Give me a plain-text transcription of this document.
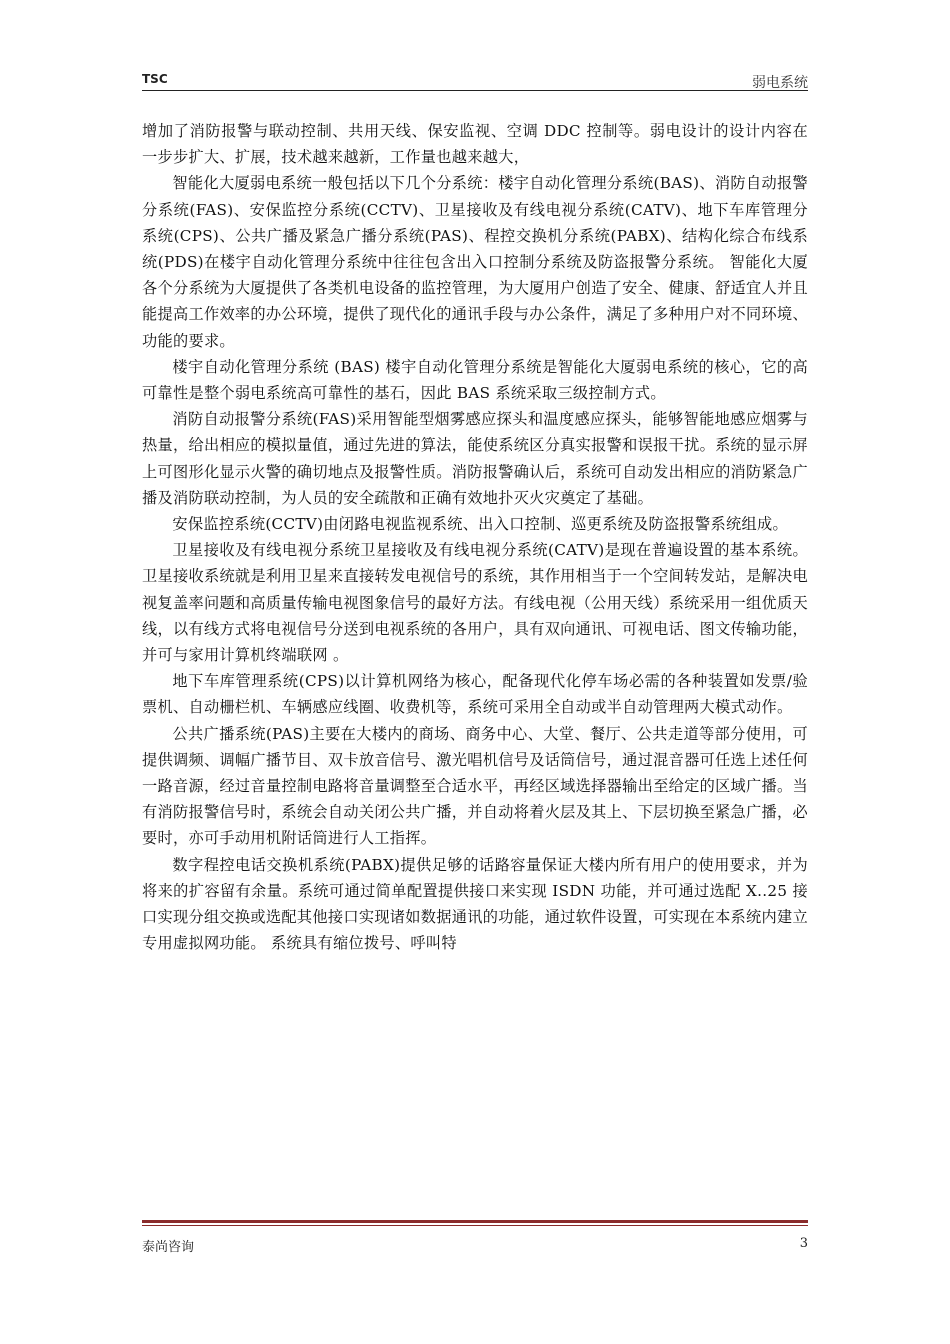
TSC	弱电系统

增加了消防报警与联动控制、共用天线、保安监视、空调 DDC 控制等。弱电设计的设计内容在一步步扩大、扩展，技术越来越新，工作量也越来越大，

智能化大厦弱电系统一般包括以下几个分系统：楼宇自动化管理分系统(BAS)、消防自动报警分系统(FAS)、安保监控分系统(CCTV)、卫星接收及有线电视分系统(CATV)、地下车库管理分系统(CPS)、公共广播及紧急广播分系统(PAS)、程控交换机分系统(PABX)、结构化综合布线系统(PDS)在楼宇自动化管理分系统中往往包含出入口控制分系统及防盗报警分系统。 智能化大厦各个分系统为大厦提供了各类机电设备的监控管理，为大厦用户创造了安全、健康、舒适宜人并且能提高工作效率的办公环境，提供了现代化的通讯手段与办公条件，满足了多种用户对不同环境、功能的要求。

楼宇自动化管理分系统 (BAS) 楼宇自动化管理分系统是智能化大厦弱电系统的核心，它的高可靠性是整个弱电系统高可靠性的基石，因此 BAS 系统采取三级控制方式。

消防自动报警分系统(FAS)采用智能型烟雾感应探头和温度感应探头，能够智能地感应烟雾与热量，给出相应的模拟量值，通过先进的算法，能使系统区分真实报警和误报干扰。系统的显示屏上可图形化显示火警的确切地点及报警性质。消防报警确认后，系统可自动发出相应的消防紧急广播及消防联动控制，为人员的安全疏散和正确有效地扑灭火灾奠定了基础。

安保监控系统(CCTV)由闭路电视监视系统、出入口控制、巡更系统及防盗报警系统组成。

卫星接收及有线电视分系统卫星接收及有线电视分系统(CATV)是现在普遍设置的基本系统。卫星接收系统就是利用卫星来直接转发电视信号的系统，其作用相当于一个空间转发站，是解决电视复盖率问题和高质量传输电视图象信号的最好方法。有线电视（公用天线）系统采用一组优质天线，以有线方式将电视信号分送到电视系统的各用户，具有双向通讯、可视电话、图文传输功能，并可与家用计算机终端联网 。

地下车库管理系统(CPS)以计算机网络为核心，配备现代化停车场必需的各种装置如发票/验票机、自动栅栏机、车辆感应线圈、收费机等，系统可采用全自动或半自动管理两大模式动作。

公共广播系统(PAS)主要在大楼内的商场、商务中心、大堂、餐厅、公共走道等部分使用，可提供调频、调幅广播节目、双卡放音信号、激光唱机信号及话筒信号，通过混音器可任选上述任何一路音源，经过音量控制电路将音量调整至合适水平，再经区域选择器输出至给定的区域广播。当有消防报警信号时，系统会自动关闭公共广播，并自动将着火层及其上、下层切换至紧急广播，必要时，亦可手动用机附话筒进行人工指挥。

数字程控电话交换机系统(PABX)提供足够的话路容量保证大楼内所有用户的使用要求，并为将来的扩容留有余量。系统可通过简单配置提供接口来实现 ISDN 功能，并可通过选配 X..25 接口实现分组交换或选配其他接口实现诸如数据通讯的功能，通过软件设置，可实现在本系统内建立专用虚拟网功能。 系统具有缩位拨号、呼叫特

泰尚咨询	3
